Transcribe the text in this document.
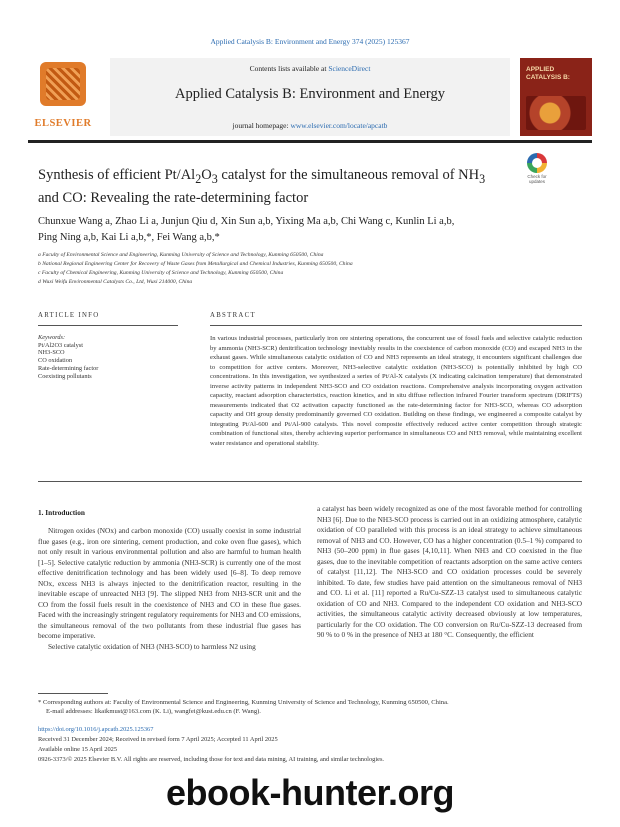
Applied Catalysis B: Environment and Energy 374 (2025) 125367
ELSEVIER
Contents lists available at ScienceDirect
Applied Catalysis B: Environment and Energy
journal homepage: www.elsevier.com/locate/apcatb
APPLIED CATALYSIS B:
Synthesis of efficient $Pt/Al_2O_3$ catalyst for the simultaneous removal of $NH_3$ and CO: Revealing the rate-determining factor
Check for updates
Chunxue Wang a, Zhao Li a, Junjun Qiu d, Xin Sun a,b, Yixing Ma a,b, Chi Wang c, Kunlin Li a,b,
Ping Ning a,b, Kai Li a,b,*, Fei Wang a,b,*
a Faculty of Environmental Science and Engineering, Kunming University of Science and Technology, Kunming 650500, China
b National Regional Engineering Center for Recovery of Waste Gases from Metallurgical and Chemical Industries, Kunming 650500, China
c Faculty of Chemical Engineering, Kunming University of Science and Technology, Kunming 650500, China
d Wuxi Weifu Environmental Catalysts Co., Ltd, Wuxi 214000, China
ARTICLE INFO	ABSTRACT
Keywords:
Pt/Al2O3 catalyst
NH3-SCO
CO oxidation
Rate-determining factor
Coexisting pollutants
In various industrial processes, particularly iron ore sintering operations, the concurrent use of fossil fuels and selective catalytic reduction by ammonia (NH3-SCR) denitrification technology inevitably results in the coexistence of carbon monoxide (CO) and escaped NH3 in the exhaust gases. While simultaneous catalytic oxidation of CO and NH3 represents an ideal strategy, it encounters significant challenges due to competition for active centers. Moreover, NH3-selective catalytic oxidation (NH3-SCO) is potentially inhibited by high CO concentrations. In this investigation, we synthesized a series of Pt/Al-X catalysts (X indicating calcination temperature) that demonstrated inverse activity patterns in independent NH3-SCO and CO oxidation reactions. Comprehensive analysis incorporating oxygen activation capacity, reactant adsorption characteristics, reaction kinetics, and in situ diffuse reflection infrared Fourier transform spectrum (DRIFTS) measurements indicated that O2 activation capacity functioned as the rate-determining factor for NH3-SCO, whereas CO adsorption capacity and OH group density predominantly governed CO oxidation. Building on these findings, we engineered a composite catalyst by integrating Pt/Al-600 and Pt/Al-900 catalysts. This novel composite effectively reduced active center competition through strategic combination of functional sites, thereby achieving superior performance in simultaneous CO and NH3 removal, while maintaining excellent water resistance and operational stability.
1. Introduction

Nitrogen oxides (NOx) and carbon monoxide (CO) usually coexist in some industrial flue gases (e.g., iron ore sintering, cement production, and coke oven flue gases), which not only result in various environmental pollution and also are harmful to human health [1–5]. Selective catalytic reduction by ammonia (NH3-SCR) is currently one of the most effective denitrification technology and has been widely used [6–8]. To deep remove NOx, excess NH3 is always injected to the denitrification reactor, resulting in the inevitable escape of unreacted NH3 [9]. The slipped NH3 from NH3-SCR unit and the CO from the fossil fuels result in the coexistence of NH3 and CO in these flue gases. Faced with the increasingly stringent regulatory requirements for NH3 and CO emissions, the simultaneous removal of the two pollutants from these industrial flue gases has become imperative.

Selective catalytic oxidation of NH3 (NH3-SCO) to harmless N2 using

a catalyst has been widely recognized as one of the most favorable method for controlling NH3 [6]. Due to the NH3-SCO process is carried out in an oxidizing atmosphere, catalytic oxidation of CO paralleled with this process is an ideal strategy to achieve simultaneous removal of NH3 and CO. However, CO has a higher concentration (0.5–1 %) compared to NH3 (50–200 ppm) in flue gases [4,10,11]. When NH3 and CO coexisted in the flue gases, due to the inevitable competition of reactants adsorption on the same active centers of catalyst [11,12]. The NH3-SCO and CO oxidation processes could be severely inhibited. To date, few studies have paid attention on the simultaneous removal of NH3 and CO. Li et al. [11] reported a Ru/Cu-SZZ-13 catalyst used to simultaneous catalytic oxidation of CO and NH3. Compared to the independent CO oxidation and NH3-SCO activities, the simultaneous catalytic activity decreased obviously at low temperatures, particularly for the CO oxidation. The CO conversion on Ru/Cu-SZZ-13 decreased from 90 % to 0 % in the presence of NH3 at 180 °C. Consequently, the efficient

* Corresponding authors at: Faculty of Environmental Science and Engineering, Kunming University of Science and Technology, Kunming 650500, China.
E-mail addresses: likaikmust@163.com (K. Li), wangfei@kust.edu.cn (F. Wang).
https://doi.org/10.1016/j.apcatb.2025.125367
Received 31 December 2024; Received in revised form 7 April 2025; Accepted 11 April 2025
Available online 15 April 2025
0926-3373/© 2025 Elsevier B.V. All rights are reserved, including those for text and data mining, AI training, and similar technologies.
ebook-hunter.org
